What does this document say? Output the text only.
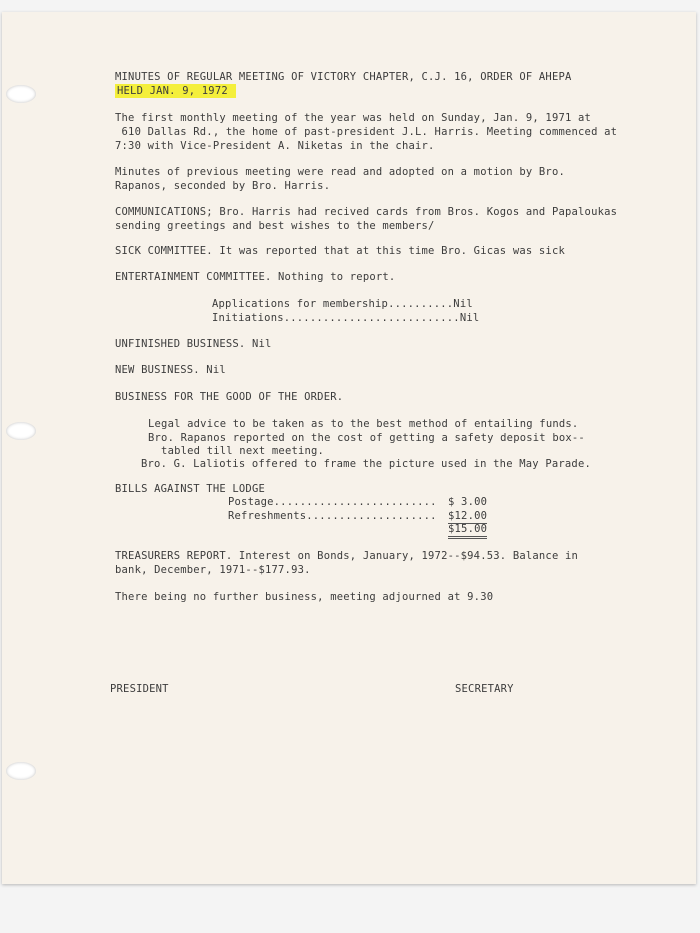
MINUTES OF REGULAR MEETING OF VICTORY CHAPTER, C.J. 16, ORDER OF AHEPA
HELD JAN. 9, 1972
The first monthly meeting of the year was held on Sunday, Jan. 9, 1971 at
610 Dallas Rd., the home of past-president J.L. Harris. Meeting commenced at
7:30 with Vice-President A. Niketas in the chair.
Minutes of previous meeting were read and adopted on a motion by Bro.
Rapanos, seconded by Bro. Harris.
COMMUNICATIONS; Bro. Harris had recived cards from Bros. Kogos and Papaloukas
sending greetings and best wishes to the members/
SICK COMMITTEE. It was reported that at this time Bro. Gicas was sick
ENTERTAINMENT COMMITTEE. Nothing to report.
Applications for membership..........Nil
Initiations...........................Nil
UNFINISHED BUSINESS. Nil
NEW BUSINESS. Nil
BUSINESS FOR THE GOOD OF THE ORDER.
Legal advice to be taken as to the best method of entailing funds.
Bro. Rapanos reported on the cost of getting a safety deposit box--
tabled till next meeting.
Bro. G. Laliotis offered to frame the picture used in the May Parade.
BILLS AGAINST THE LODGE
Postage......................... $ 3.00
Refreshments.................... $12.00
$15.00
TREASURERS REPORT. Interest on Bonds, January, 1972--$94.53. Balance in
bank, December, 1971--$177.93.
There being no further business, meeting adjourned at 9.30
PRESIDENT	SECRETARY
